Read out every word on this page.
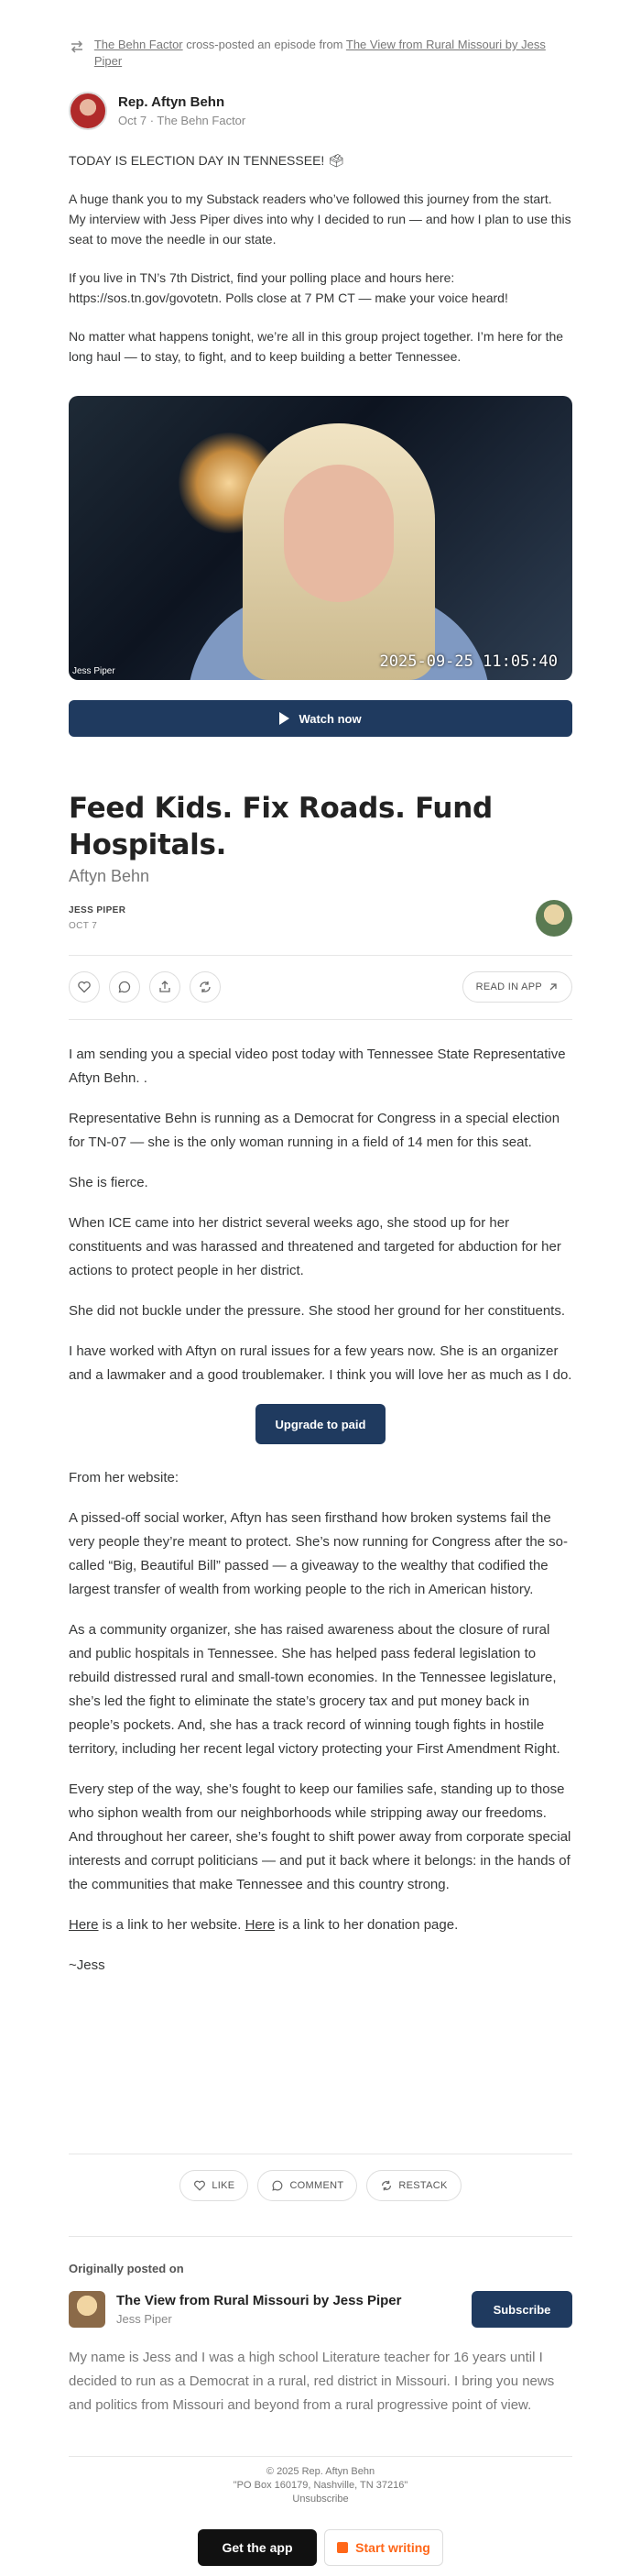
The Behn Factor cross-posted an episode from The View from Rural Missouri by Jess Piper
Rep. Aftyn Behn
Oct 7 · The Behn Factor

TODAY IS ELECTION DAY IN TENNESSEE! 🗳

A huge thank you to my Substack readers who’ve followed this journey from the start. My interview with Jess Piper dives into why I decided to run — and how I plan to use this seat to move the needle in our state.

If you live in TN’s 7th District, find your polling place and hours here: https://sos.tn.gov/govotetn. Polls close at 7 PM CT — make your voice heard!

No matter what happens tonight, we’re all in this group project together. I’m here for the long haul — to stay, to fight, and to keep building a better Tennessee.

Jess Piper
2025-09-25 11:05:40
Watch now
Feed Kids. Fix Roads. Fund Hospitals.
Aftyn Behn
JESS PIPER
OCT 7
READ IN APP

I am sending you a special video post today with Tennessee State Representative Aftyn Behn. .

Representative Behn is running as a Democrat for Congress in a special election for TN-07 — she is the only woman running in a field of 14 men for this seat.

She is fierce.

When ICE came into her district several weeks ago, she stood up for her constituents and was harassed and threatened and targeted for abduction for her actions to protect people in her district.

She did not buckle under the pressure. She stood her ground for her constituents.

I have worked with Aftyn on rural issues for a few years now. She is an organizer and a lawmaker and a good troublemaker. I think you will love her as much as I do.

Upgrade to paid

From her website:

A pissed-off social worker, Aftyn has seen firsthand how broken systems fail the very people they’re meant to protect. She’s now running for Congress after the so-called “Big, Beautiful Bill” passed — a giveaway to the wealthy that codified the largest transfer of wealth from working people to the rich in American history.

As a community organizer, she has raised awareness about the closure of rural and public hospitals in Tennessee. She has helped pass federal legislation to rebuild distressed rural and small-town economies. In the Tennessee legislature, she’s led the fight to eliminate the state’s grocery tax and put money back in people’s pockets. And, she has a track record of winning tough fights in hostile territory, including her recent legal victory protecting your First Amendment Right.

Every step of the way, she’s fought to keep our families safe, standing up to those who siphon wealth from our neighborhoods while stripping away our freedoms. And throughout her career, she’s fought to shift power away from corporate special interests and corrupt politicians — and put it back where it belongs: in the hands of the communities that make Tennessee and this country strong.

Here is a link to her website. Here is a link to her donation page.

~Jess

LIKE	COMMENT	RESTACK
Originally posted on
The View from Rural Missouri by Jess Piper
Jess Piper
Subscribe
My name is Jess and I was a high school Literature teacher for 16 years until I decided to run as a Democrat in a rural, red district in Missouri. I bring you news and politics from Missouri and beyond from a rural progressive point of view.
© 2025 Rep. Aftyn Behn
"PO Box 160179, Nashville, TN 37216"
Unsubscribe
Get the app	Start writing
